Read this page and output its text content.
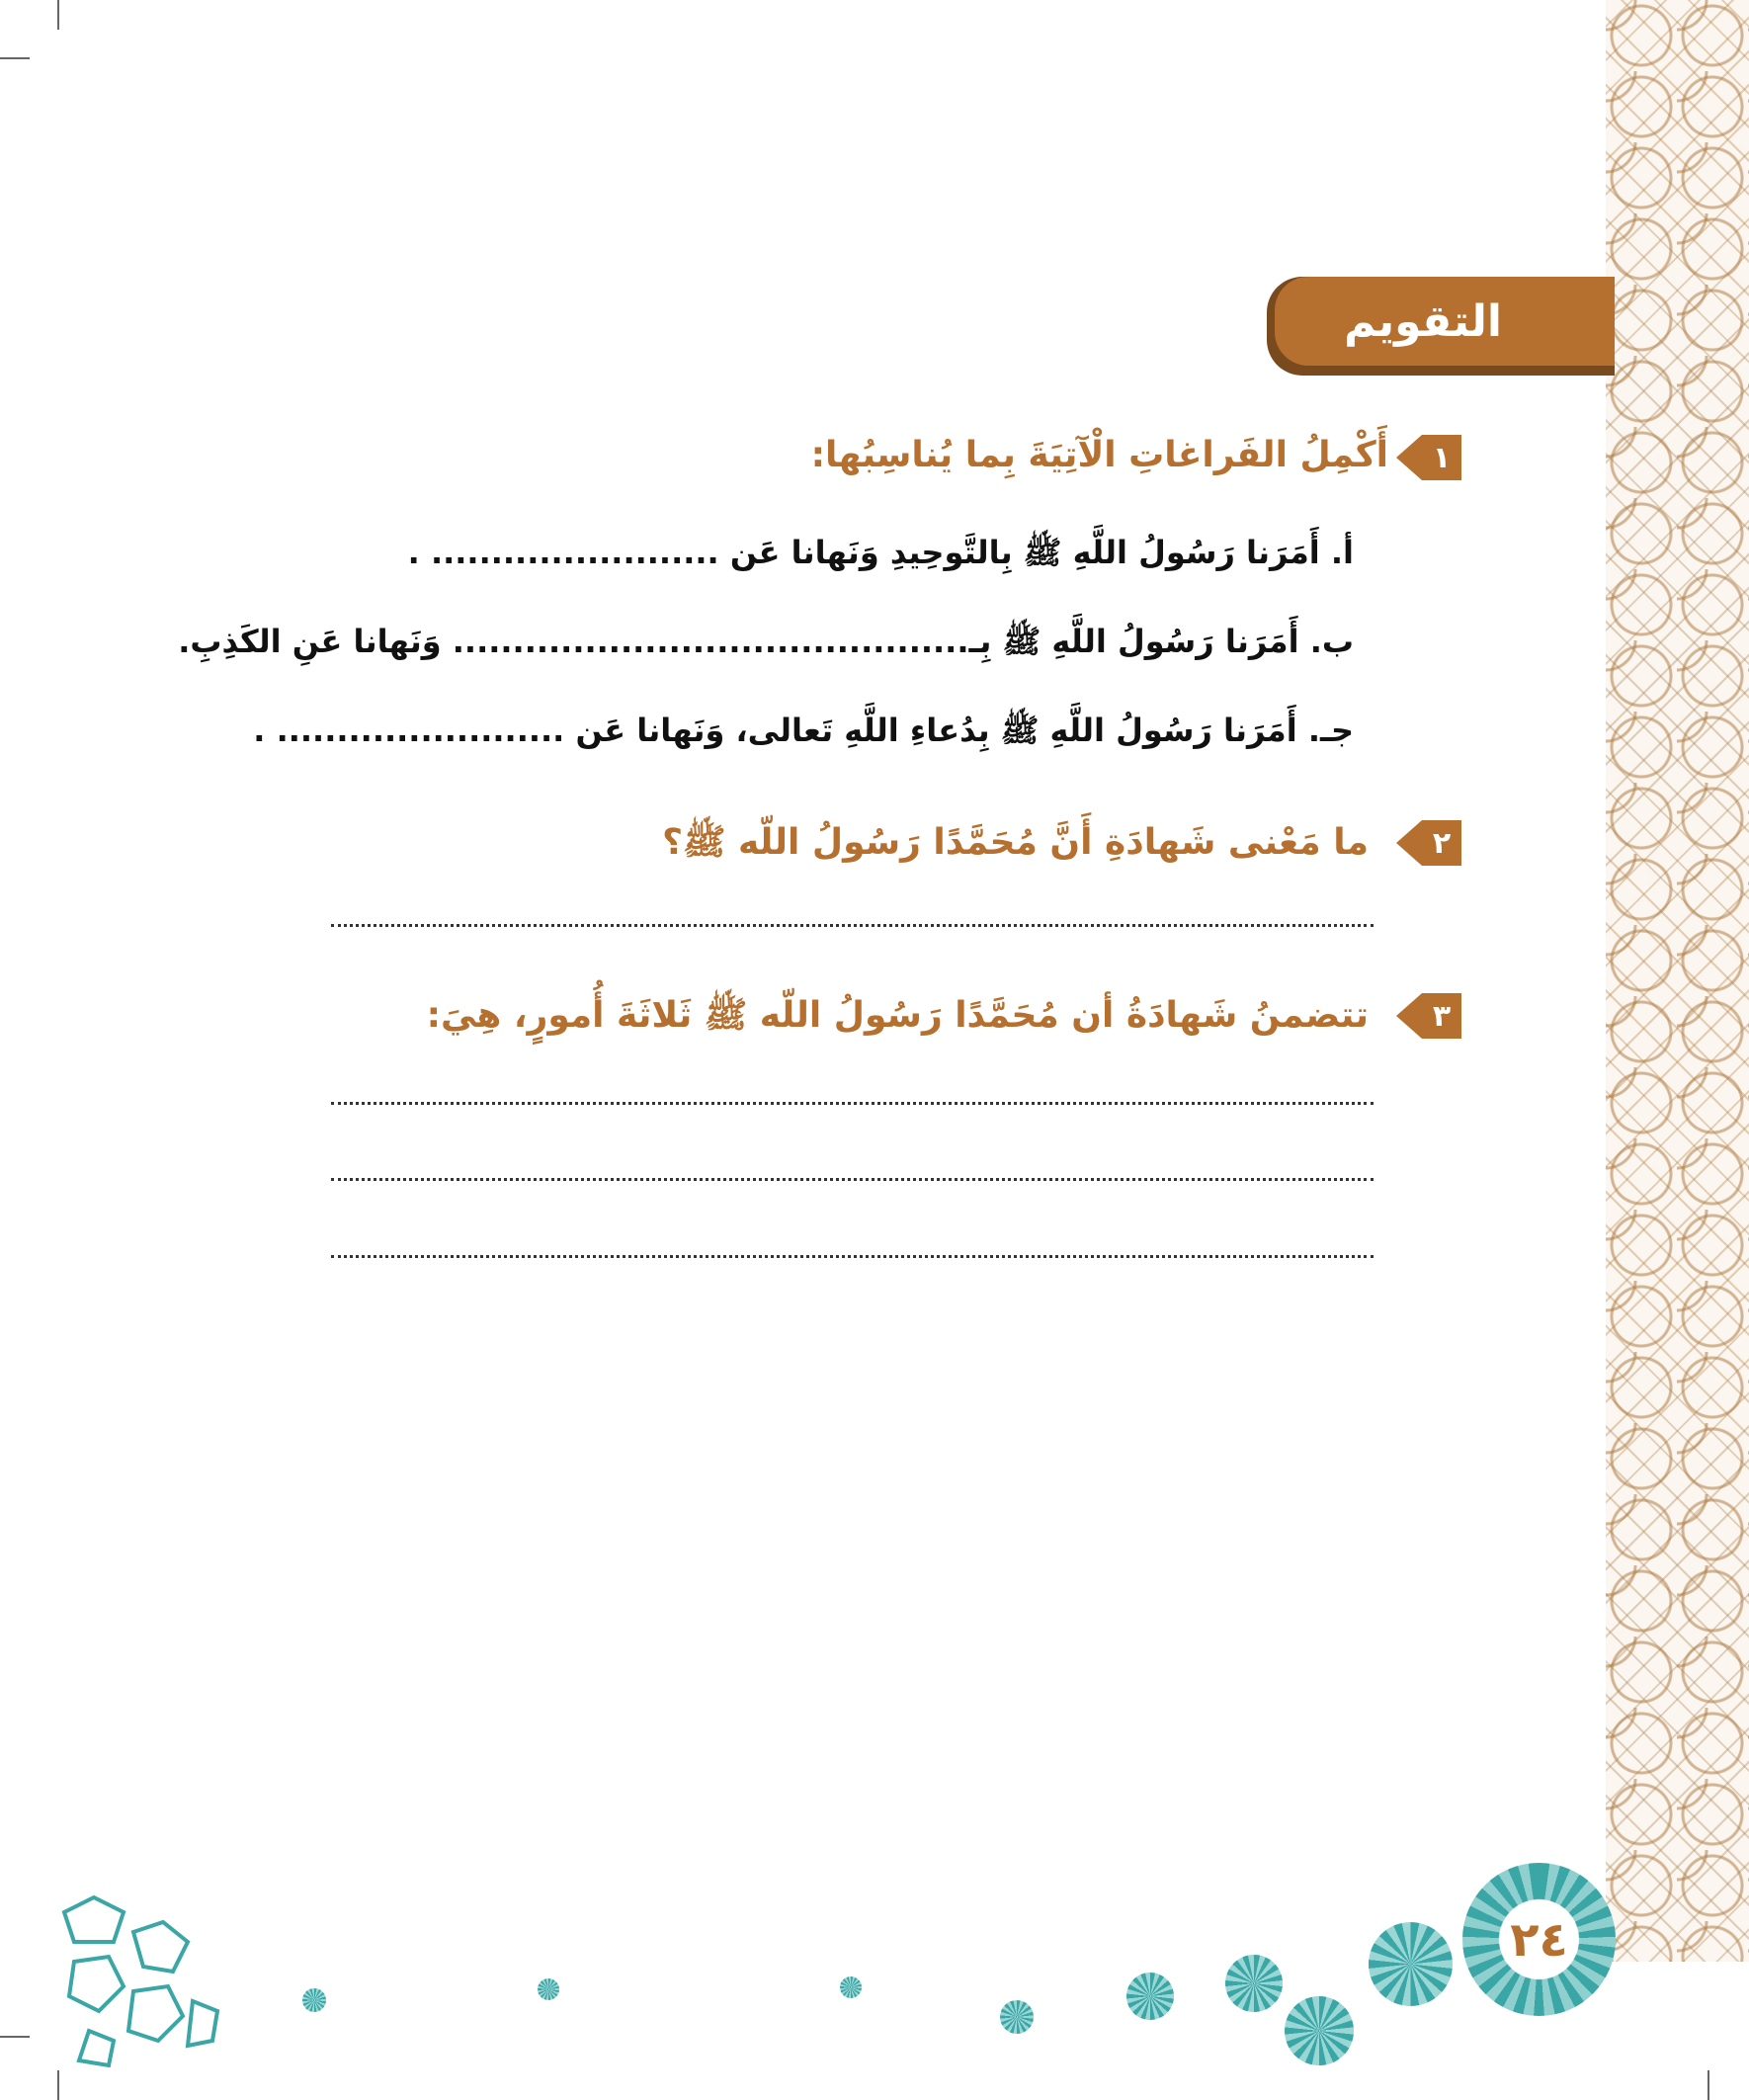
التقويم
١
أَكْمِلُ الفَراغاتِ الْآتِيَةَ بِما يُناسِبُها:
أ. أَمَرَنا رَسُولُ اللَّهِ ﷺ بِالتَّوحِيدِ وَنَهانا عَن ........................ .
ب. أَمَرَنا رَسُولُ اللَّهِ ﷺ بِـ........................................... وَنَهانا عَنِ الكَذِبِ.
جـ. أَمَرَنا رَسُولُ اللَّهِ ﷺ بِدُعاءِ اللَّهِ تَعالى، وَنَهانا عَن ........................ .
٢
ما مَعْنى شَهادَةِ أَنَّ مُحَمَّدًا رَسُولُ اللّه ﷺ؟
٣
تتضمنُ شَهادَةُ أن مُحَمَّدًا رَسُولُ اللّه ﷺ ثَلاثَةَ أُمورٍ، هِيَ:
٢٤
